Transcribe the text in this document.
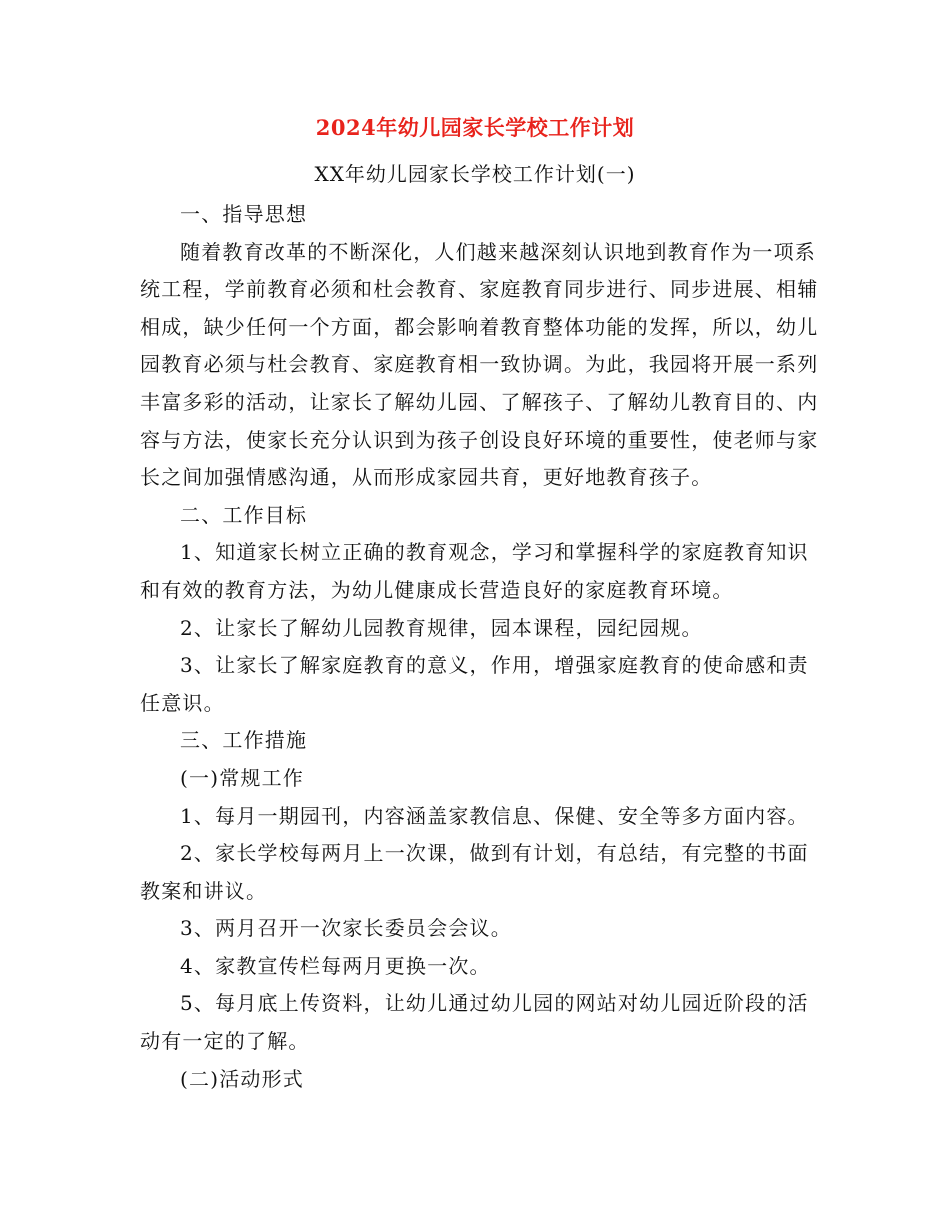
2024年幼儿园家长学校工作计划
XX年幼儿园家长学校工作计划(一)

一、指导思想

随着教育改革的不断深化，人们越来越深刻认识地到教育作为一项系统工程，学前教育必须和杜会教育、家庭教育同步进行、同步进展、相辅相成，缺少任何一个方面，都会影响着教育整体功能的发挥，所以，幼儿园教育必须与杜会教育、家庭教育相一致协调。为此，我园将开展一系列丰富多彩的活动，让家长了解幼儿园、了解孩子、了解幼儿教育目的、内容与方法，使家长充分认识到为孩子创设良好环境的重要性，使老师与家长之间加强情感沟通，从而形成家园共育，更好地教育孩子。

二、工作目标

1、知道家长树立正确的教育观念，学习和掌握科学的家庭教育知识和有效的教育方法，为幼儿健康成长营造良好的家庭教育环境。

2、让家长了解幼儿园教育规律，园本课程，园纪园规。

3、让家长了解家庭教育的意义，作用，增强家庭教育的使命感和责任意识。

三、工作措施

(一)常规工作

1、每月一期园刊，内容涵盖家教信息、保健、安全等多方面内容。

2、家长学校每两月上一次课，做到有计划，有总结，有完整的书面教案和讲议。

3、两月召开一次家长委员会会议。

4、家教宣传栏每两月更换一次。

5、每月底上传资料，让幼儿通过幼儿园的网站对幼儿园近阶段的活动有一定的了解。

(二)活动形式
